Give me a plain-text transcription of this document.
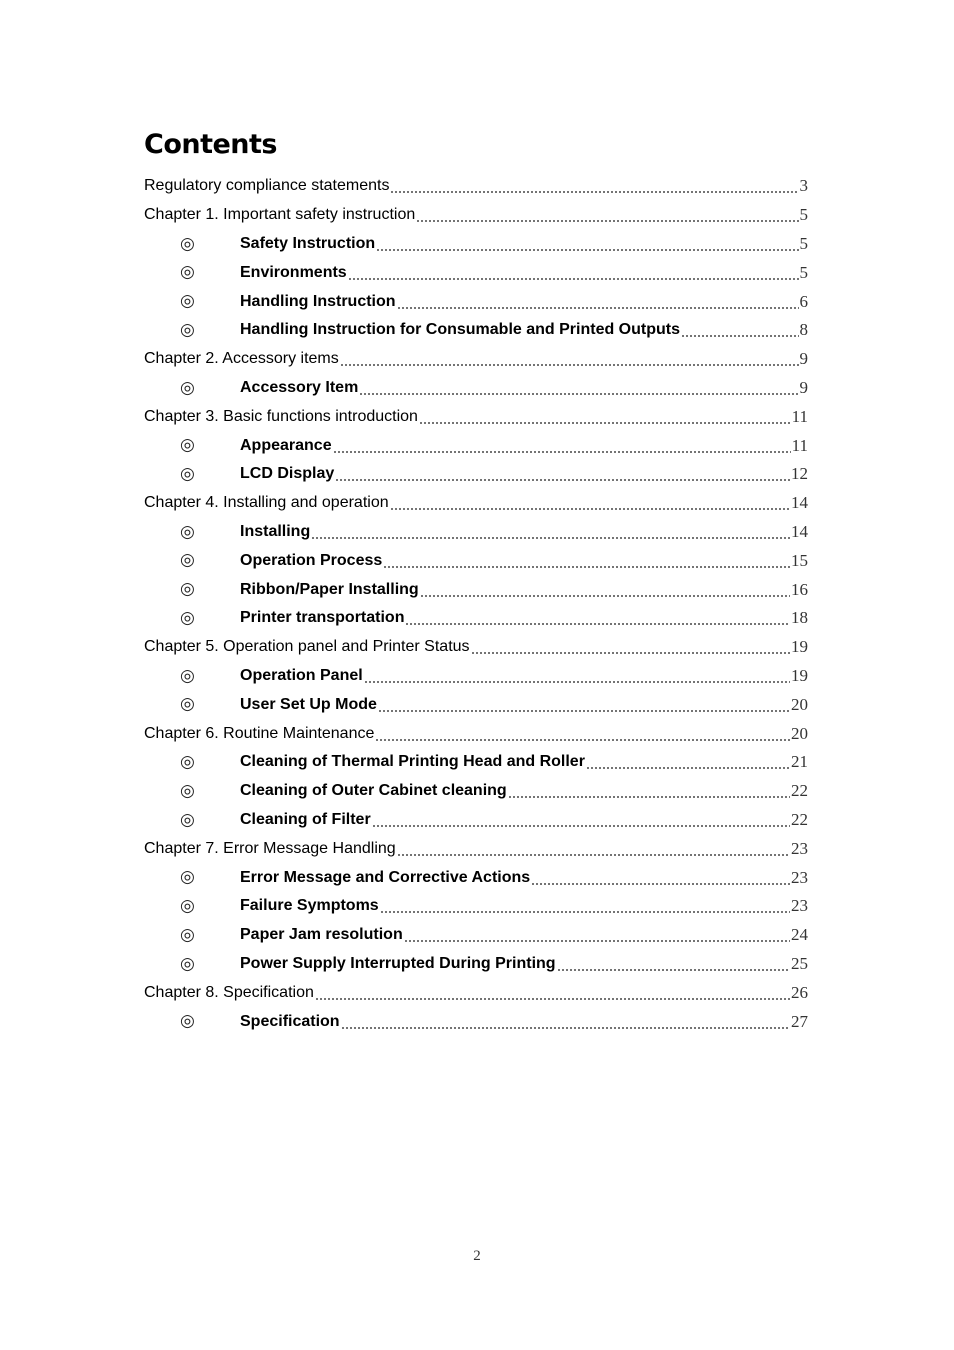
Contents
Regulatory compliance statements	3
Chapter 1. Important safety instruction	5
◎	Safety Instruction	5
◎	Environments	5
◎	Handling Instruction	6
◎	Handling Instruction for Consumable and Printed Outputs	8
Chapter 2. Accessory items	9
◎	Accessory Item	9
Chapter 3. Basic functions introduction	11
◎	Appearance	11
◎	LCD Display	12
Chapter 4. Installing and operation	14
◎	Installing	14
◎	Operation Process	15
◎	Ribbon/Paper Installing	16
◎	Printer transportation	18
Chapter 5. Operation panel and Printer Status	19
◎	Operation Panel	19
◎	User Set Up Mode	20
Chapter 6. Routine Maintenance	20
◎	Cleaning of Thermal Printing Head and Roller	21
◎	Cleaning of Outer Cabinet cleaning	22
◎	Cleaning of Filter	22
Chapter 7. Error Message Handling	23
◎	Error Message and Corrective Actions	23
◎	Failure Symptoms	23
◎	Paper Jam resolution	24
◎	Power Supply Interrupted During Printing	25
Chapter 8. Specification	26
◎	Specification	27
2
